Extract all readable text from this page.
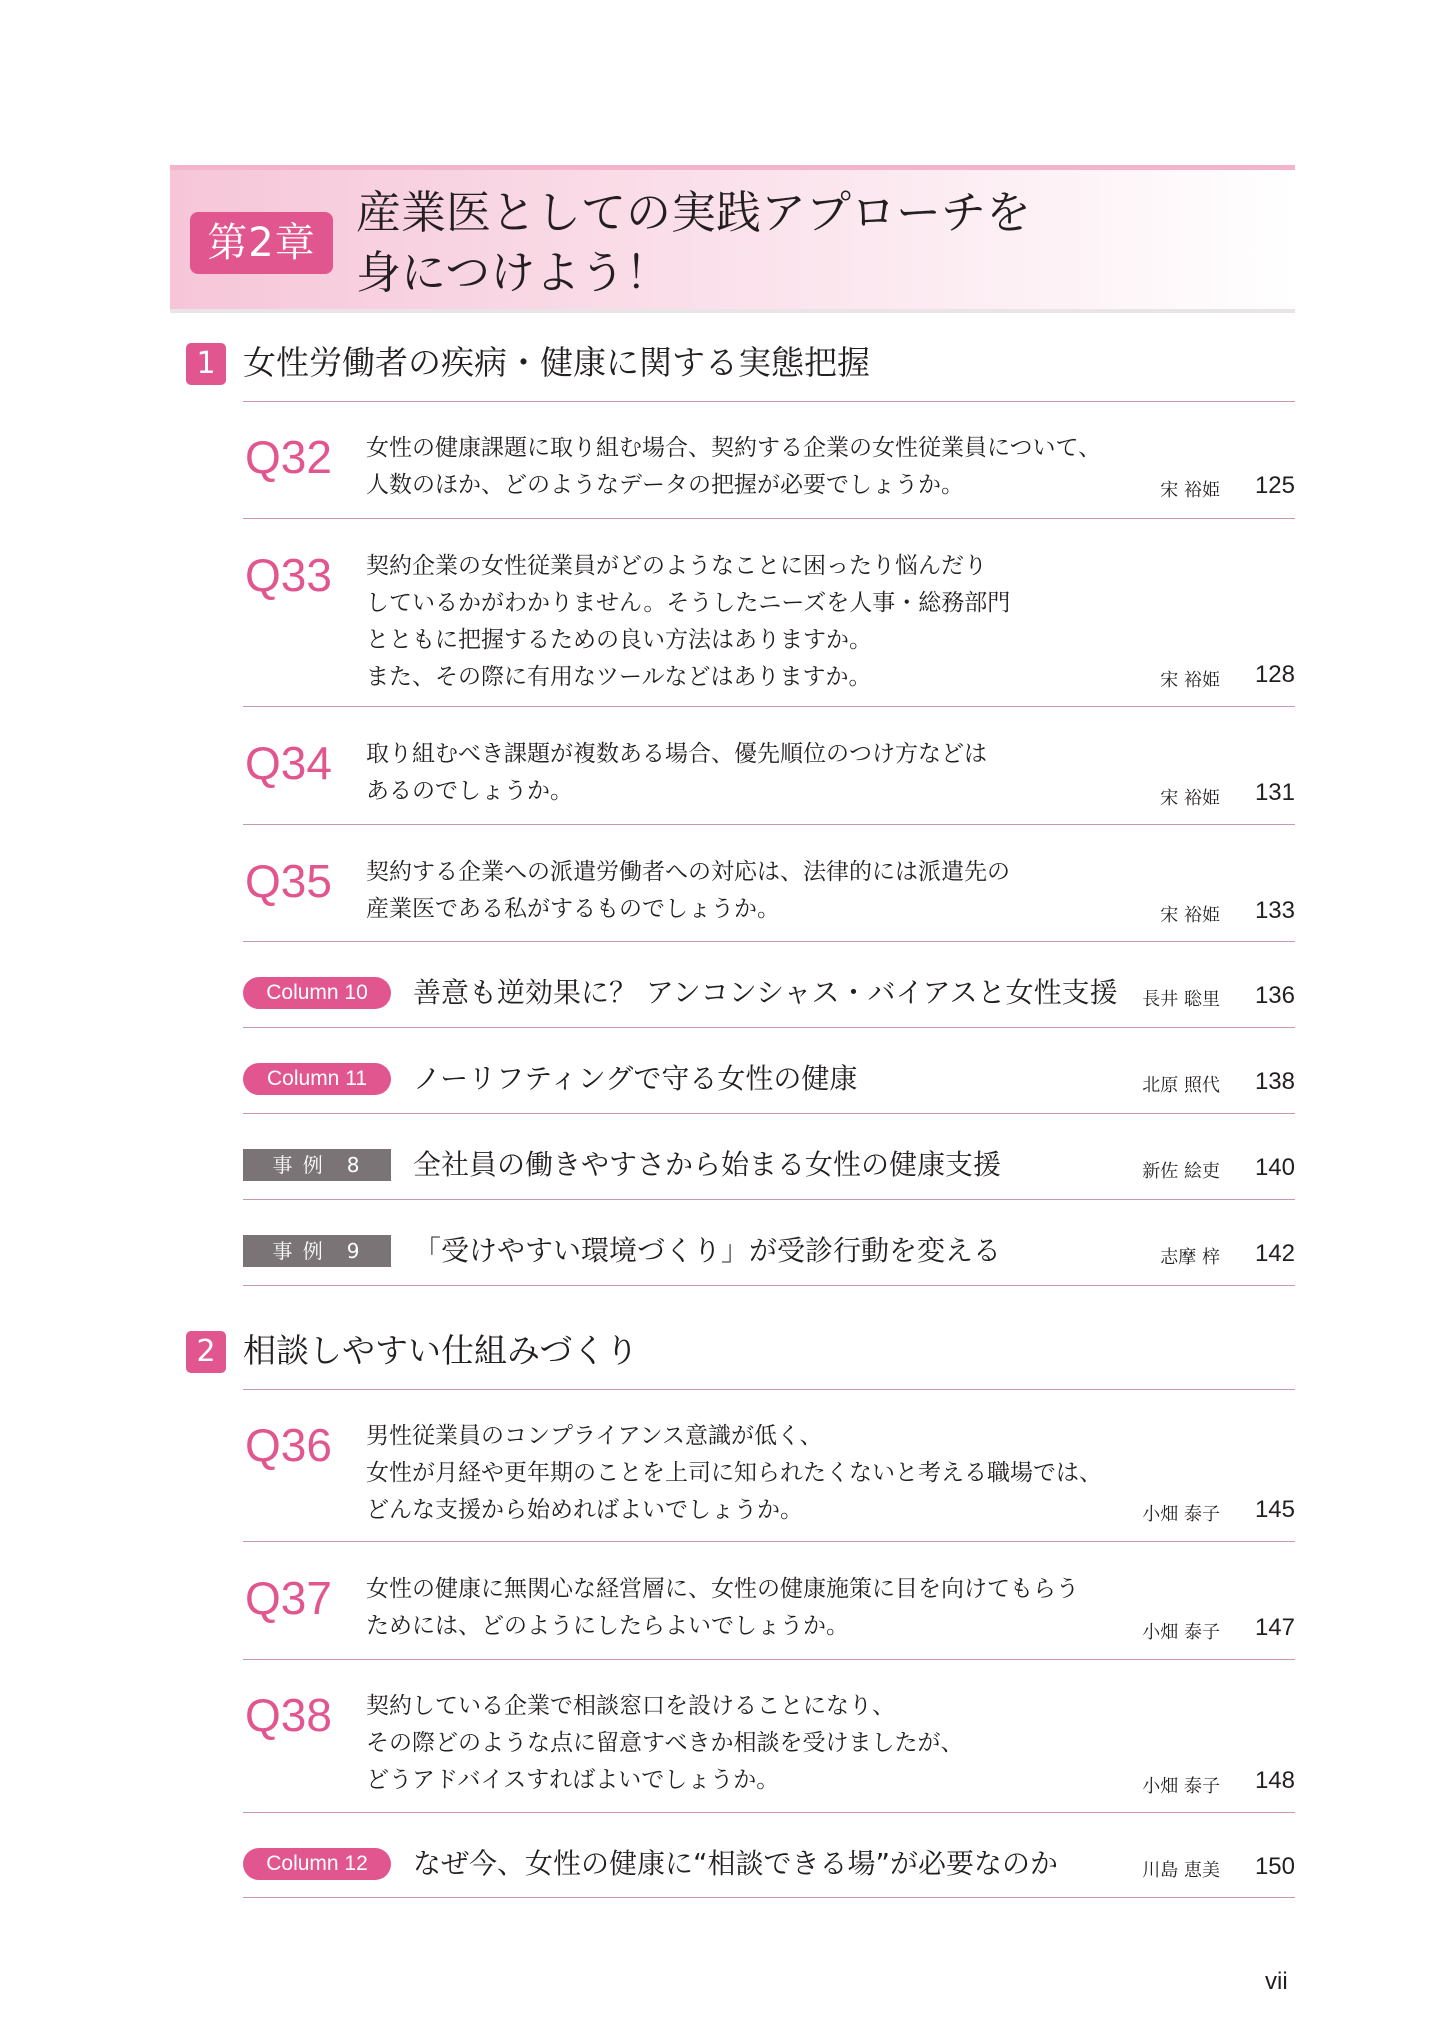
第2章
産業医としての実践アプローチを
身につけよう！
1 女性労働者の疾病・健康に関する実態把握
Q32 女性の健康課題に取り組む場合、契約する企業の女性従業員について、
人数のほか、どのようなデータの把握が必要でしょうか。	宋 裕姫	125
Q33 契約企業の女性従業員がどのようなことに困ったり悩んだり
しているかがわかりません。そうしたニーズを人事・総務部門
とともに把握するための良い方法はありますか。
また、その際に有用なツールなどはありますか。	宋 裕姫	128
Q34 取り組むべき課題が複数ある場合、優先順位のつけ方などは
あるのでしょうか。	宋 裕姫	131
Q35 契約する企業への派遣労働者への対応は、法律的には派遣先の
産業医である私がするものでしょうか。	宋 裕姫	133
Column 10	善意も逆効果に？ アンコンシャス・バイアスと女性支援	長井 聡里	136
Column 11	ノーリフティングで守る女性の健康	北原 照代	138
事 例　8	全社員の働きやすさから始まる女性の健康支援	新佐 絵吏	140
事 例　9	「受けやすい環境づくり」が受診行動を変える	志摩 梓	142
2 相談しやすい仕組みづくり
Q36 男性従業員のコンプライアンス意識が低く、
女性が月経や更年期のことを上司に知られたくないと考える職場では、
どんな支援から始めればよいでしょうか。	小畑 泰子	145
Q37 女性の健康に無関心な経営層に、女性の健康施策に目を向けてもらう
ためには、どのようにしたらよいでしょうか。	小畑 泰子	147
Q38 契約している企業で相談窓口を設けることになり、
その際どのような点に留意すべきか相談を受けましたが、
どうアドバイスすればよいでしょうか。	小畑 泰子	148
Column 12	なぜ今、女性の健康に“相談できる場”が必要なのか	川島 恵美	150
vii
